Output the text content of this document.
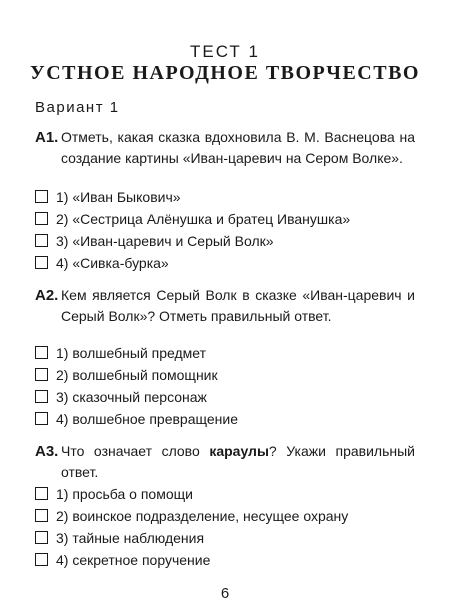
ТЕСТ 1
УСТНОЕ НАРОДНОЕ ТВОРЧЕСТВО
Вариант 1
А1. Отметь, какая сказка вдохновила В. М. Васнецова на создание картины «Иван-царевич на Сером Волке».
1) «Иван Быкович»
2) «Сестрица Алёнушка и братец Иванушка»
3) «Иван-царевич и Серый Волк»
4) «Сивка-бурка»
А2. Кем является Серый Волк в сказке «Иван-царевич и Серый Волк»? Отметь правильный ответ.
1) волшебный предмет
2) волшебный помощник
3) сказочный персонаж
4) волшебное превращение
А3. Что означает слово караулы? Укажи правильный ответ.
1) просьба о помощи
2) воинское подразделение, несущее охрану
3) тайные наблюдения
4) секретное поручение
6
